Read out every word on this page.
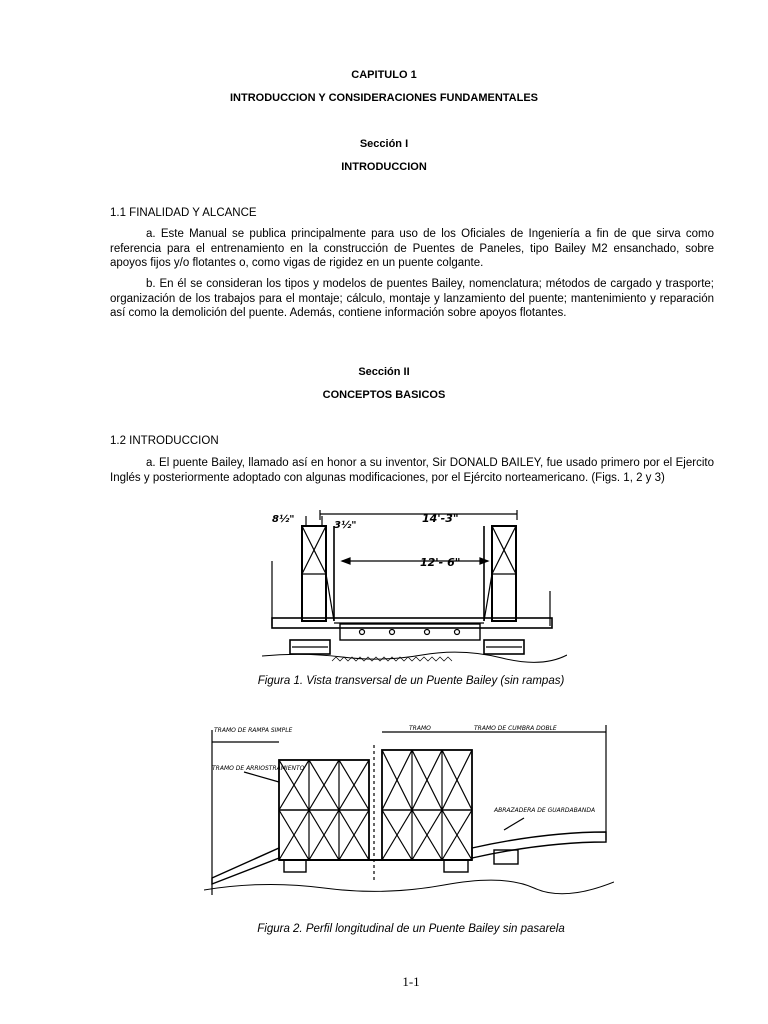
CAPITULO 1

INTRODUCCION Y CONSIDERACIONES FUNDAMENTALES

Sección I

INTRODUCCION

1.1 FINALIDAD Y ALCANCE

a. Este Manual se publica principalmente para uso de los Oficiales de Ingeniería a fin de que sirva como referencia para el entrenamiento en la construcción de Puentes de Paneles, tipo Bailey M2 ensanchado, sobre apoyos fijos y/o flotantes o, como vigas de rigidez en un puente colgante.

b. En él se consideran los tipos y modelos de puentes Bailey, nomenclatura; métodos de cargado y trasporte; organización de los trabajos para el montaje; cálculo, montaje y lanzamiento del puente; mantenimiento y reparación así como la demolición del puente. Además, contiene información sobre apoyos flotantes.

Sección II

CONCEPTOS BASICOS

1.2 INTRODUCCION

a. El puente Bailey, llamado así en honor a su inventor, Sir DONALD BAILEY, fue usado primero por el Ejercito Inglés y posteriormente adoptado con algunas modificaciones, por el Ejército norteamericano. (Figs. 1, 2 y 3)

8½"
3½"
14'-3"
12'- 6"

Figura 1. Vista transversal de un Puente Bailey (sin rampas)

TRAMO DE RAMPA SIMPLE
TRAMO DE ARRIOSTRAMIENTO
TRAMO	TRAMO DE CUMBRA DOBLE
ABRAZADERA DE GUARDABANDA

Figura 2. Perfil longitudinal de un Puente Bailey sin pasarela

1-1
